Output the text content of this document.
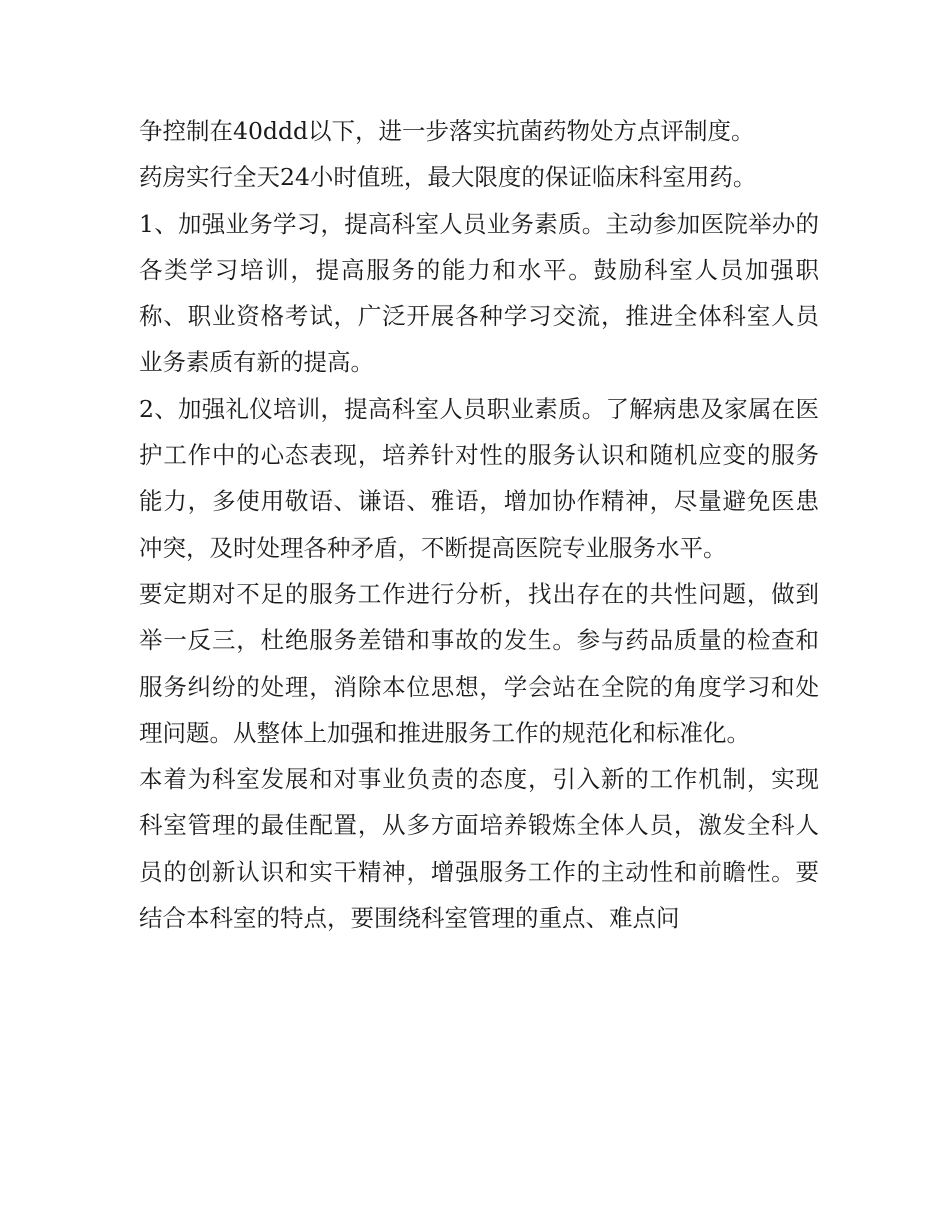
争控制在40ddd以下，进一步落实抗菌药物处方点评制度。

药房实行全天24小时值班，最大限度的保证临床科室用药。

1、加强业务学习，提高科室人员业务素质。主动参加医院举办的各类学习培训，提高服务的能力和水平。鼓励科室人员加强职称、职业资格考试，广泛开展各种学习交流，推进全体科室人员业务素质有新的提高。

2、加强礼仪培训，提高科室人员职业素质。了解病患及家属在医护工作中的心态表现，培养针对性的服务认识和随机应变的服务能力，多使用敬语、谦语、雅语，增加协作精神，尽量避免医患冲突，及时处理各种矛盾，不断提高医院专业服务水平。

要定期对不足的服务工作进行分析，找出存在的共性问题，做到举一反三，杜绝服务差错和事故的发生。参与药品质量的检查和服务纠纷的处理，消除本位思想，学会站在全院的角度学习和处理问题。从整体上加强和推进服务工作的规范化和标准化。

本着为科室发展和对事业负责的态度，引入新的工作机制，实现科室管理的最佳配置，从多方面培养锻炼全体人员，激发全科人员的创新认识和实干精神，增强服务工作的主动性和前瞻性。要结合本科室的特点，要围绕科室管理的重点、难点问
